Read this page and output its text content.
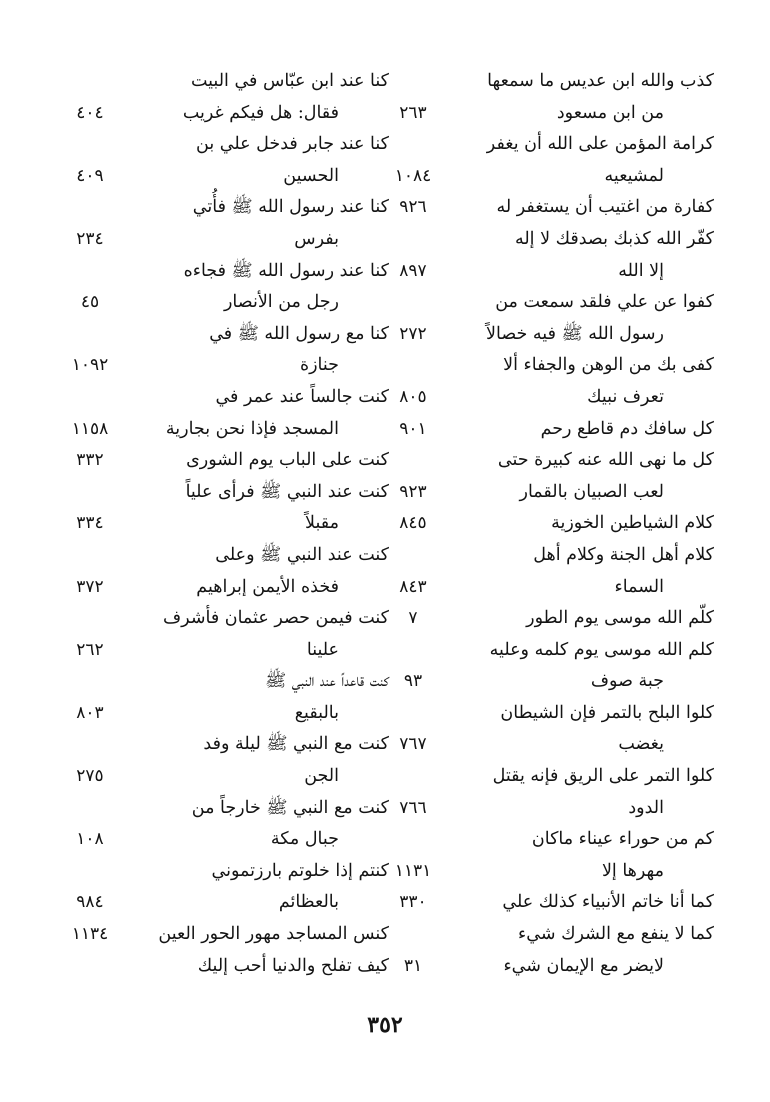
كذب والله ابن عديس ما سمعها
من ابن مسعود
٢٦٣
كرامة المؤمن على الله أن يغفر
لمشيعيه
١٠٨٤
كفارة من اغتيب أن يستغفر له
٩٢٦
كفّر الله كذبك بصدقك لا إله
إلا الله
٨٩٧
كفوا عن علي فلقد سمعت من
رسول الله ﷺ فيه خصالاً
٢٧٢
كفى بك من الوهن والجفاء ألا
تعرف نبيك
٨٠٥
كل سافك دم قاطع رحم
٩٠١
كل ما نهى الله عنه كبيرة حتى
لعب الصبيان بالقمار
٩٢٣
كلام الشياطين الخوزية
٨٤٥
كلام أهل الجنة وكلام أهل
السماء
٨٤٣
كلّم الله موسى يوم الطور
٧
كلم الله موسى يوم كلمه وعليه
جبة صوف
٩٣
كلوا البلح بالتمر فإن الشيطان
يغضب
٧٦٧
كلوا التمر على الريق فإنه يقتل
الدود
٧٦٦
كم من حوراء عيناء ماكان
مهرها إلا
١١٣١
كما أنا خاتم الأنبياء كذلك علي
٣٣٠
كما لا ينفع مع الشرك شيء
لايضر مع الإيمان شيء
٣١
كنا عند ابن عبّاس في البيت
فقال: هل فيكم غريب
٤٠٤
كنا عند جابر فدخل علي بن
الحسين
٤٠٩
كنا عند رسول الله ﷺ فأُتي
بفرس
٢٣٤
كنا عند رسول الله ﷺ فجاءه
رجل من الأنصار
٤٥
كنا مع رسول الله ﷺ في
جنازة
١٠٩٢
كنت جالساً عند عمر في
المسجد فإذا نحن بجارية
١١٥٨
كنت على الباب يوم الشورى
٣٣٢
كنت عند النبي ﷺ فرأى علياً
مقبلاً
٣٣٤
كنت عند النبي ﷺ وعلى
فخذه الأيمن إبراهيم
٣٧٢
كنت فيمن حصر عثمان فأشرف
علينا
٢٦٢
كنت قاعداً عند النبي ﷺ
بالبقيع
٨٠٣
كنت مع النبي ﷺ ليلة وفد
الجن
٢٧٥
كنت مع النبي ﷺ خارجاً من
جبال مكة
١٠٨
كنتم إذا خلوتم بارزتموني
بالعظائم
٩٨٤
كنس المساجد مهور الحور العين
١١٣٤
كيف تفلح والدنيا أحب إليك
٣٥٢
